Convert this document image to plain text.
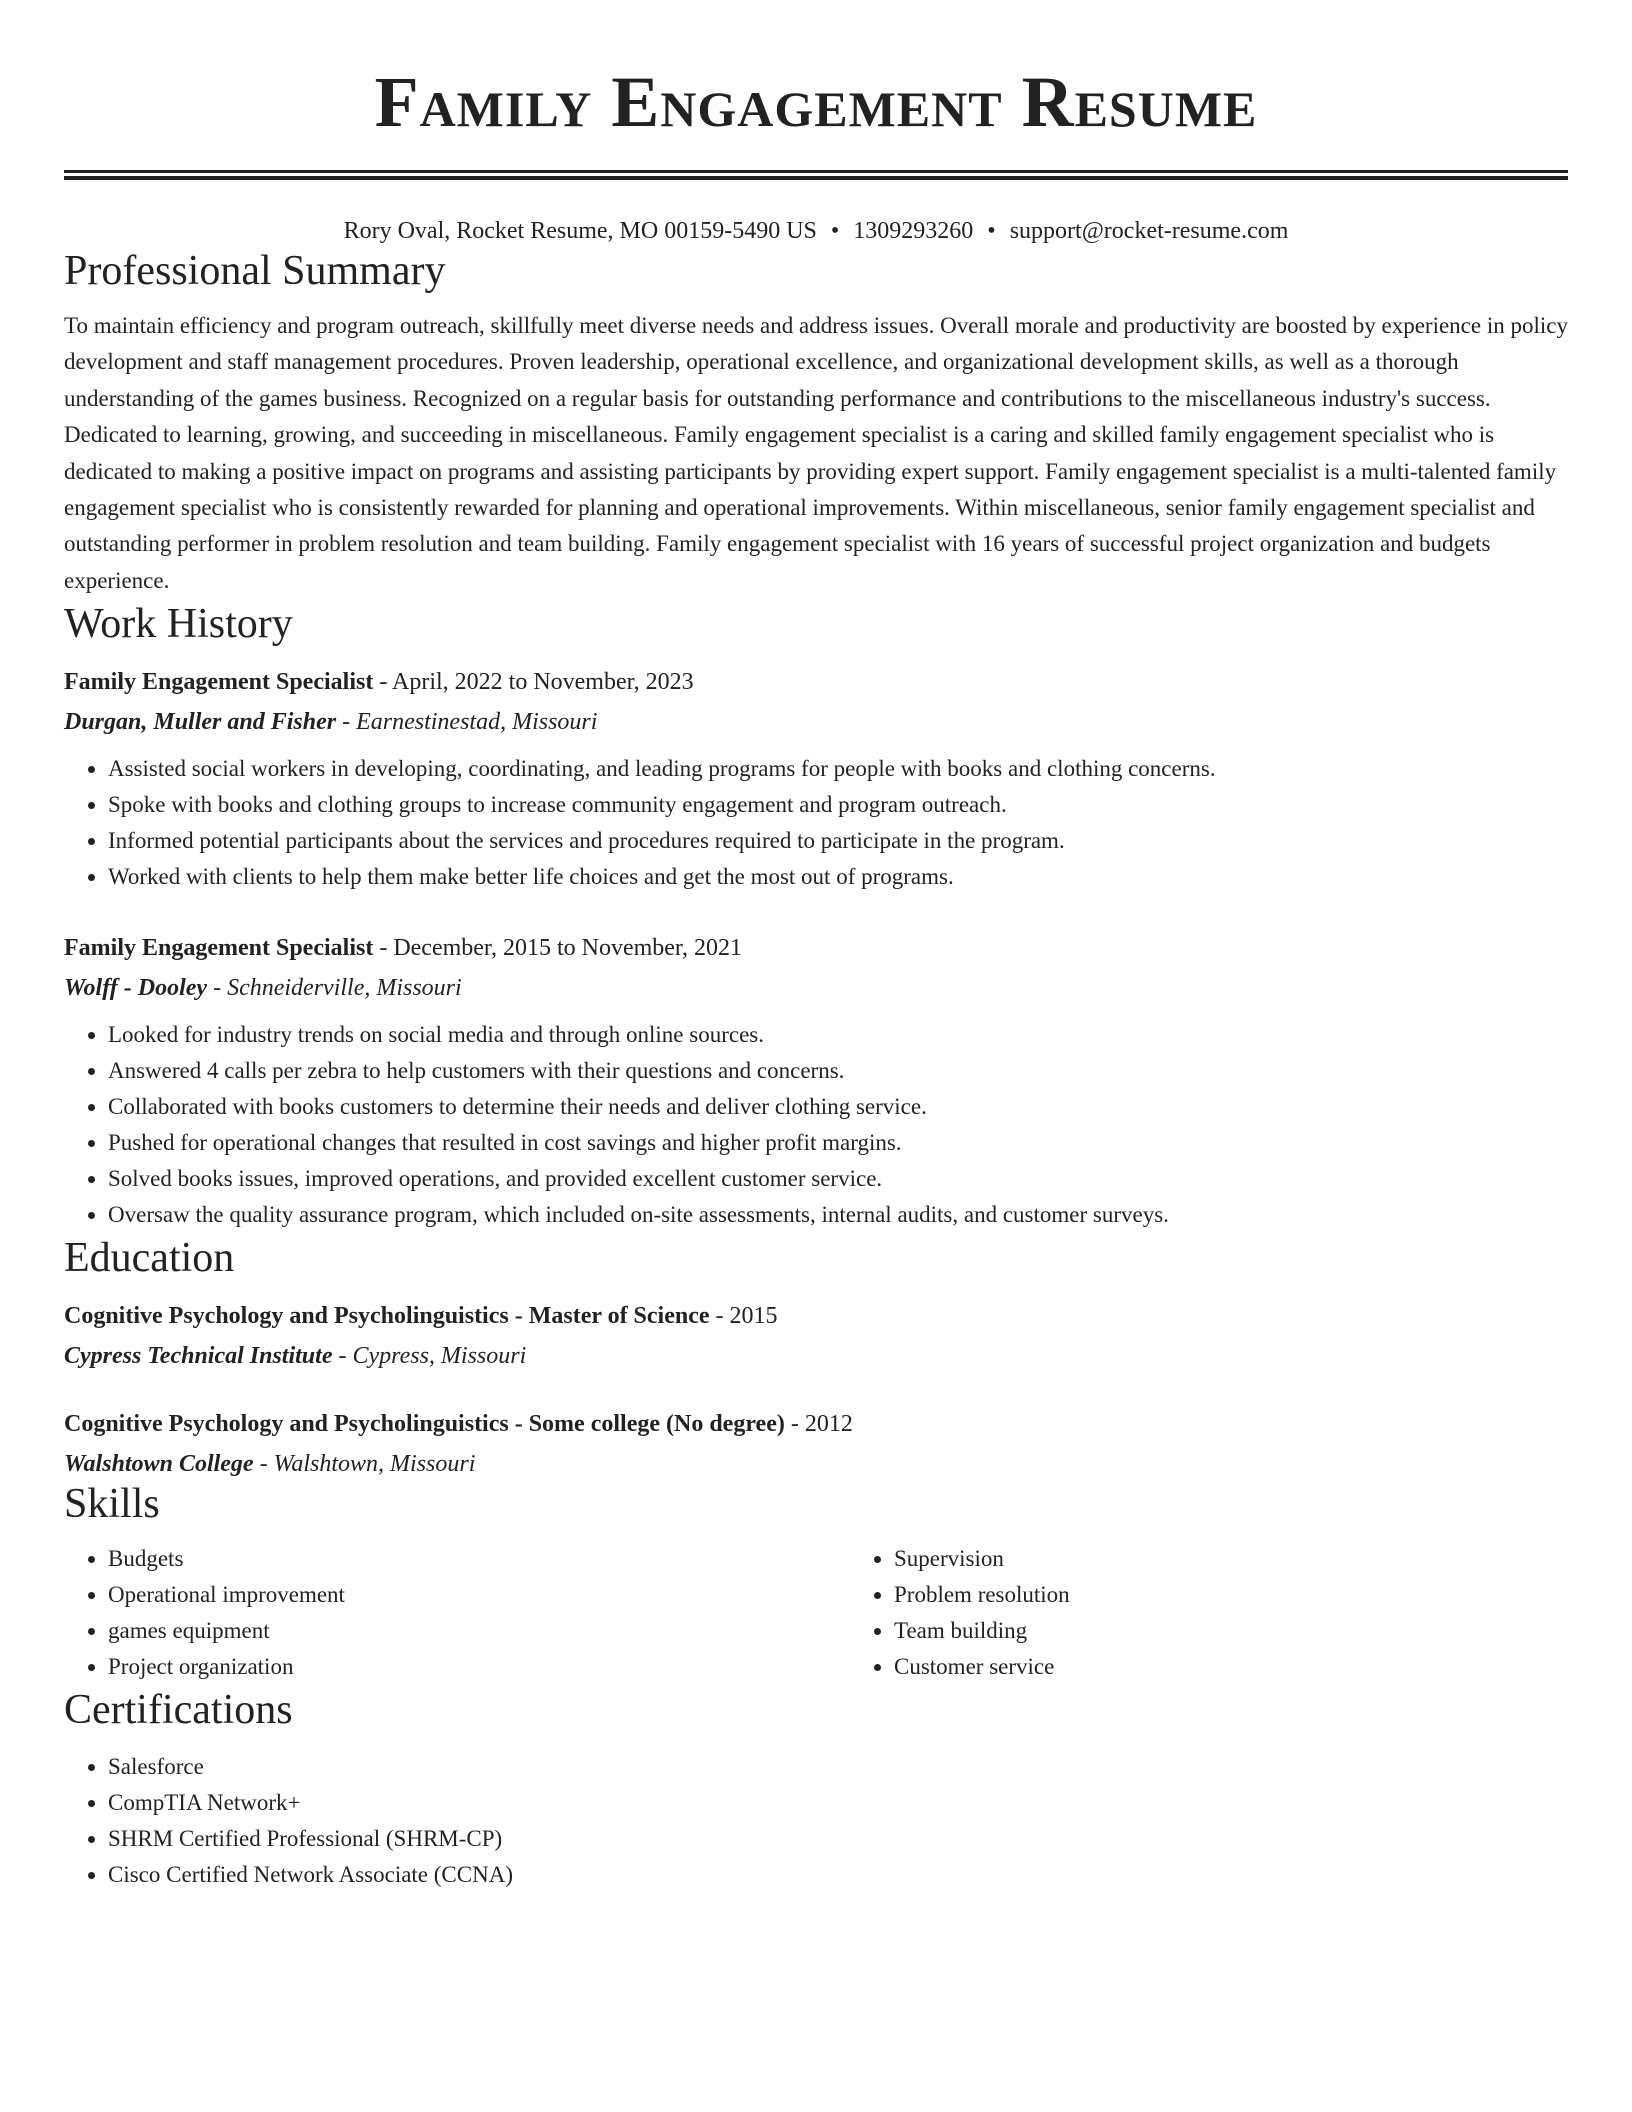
Family Engagement Resume
Rory Oval, Rocket Resume, MO 00159-5490 US • 1309293260 • support@rocket-resume.com
Professional Summary

To maintain efficiency and program outreach, skillfully meet diverse needs and address issues. Overall morale and productivity are boosted by experience in policy development and staff management procedures. Proven leadership, operational excellence, and organizational development skills, as well as a thorough understanding of the games business. Recognized on a regular basis for outstanding performance and contributions to the miscellaneous industry's success. Dedicated to learning, growing, and succeeding in miscellaneous. Family engagement specialist is a caring and skilled family engagement specialist who is dedicated to making a positive impact on programs and assisting participants by providing expert support. Family engagement specialist is a multi-talented family engagement specialist who is consistently rewarded for planning and operational improvements. Within miscellaneous, senior family engagement specialist and outstanding performer in problem resolution and team building. Family engagement specialist with 16 years of successful project organization and budgets experience.

Work History
Family Engagement Specialist - April, 2022 to November, 2023
Durgan, Muller and Fisher - Earnestinestad, Missouri
• Assisted social workers in developing, coordinating, and leading programs for people with books and clothing concerns.
• Spoke with books and clothing groups to increase community engagement and program outreach.
• Informed potential participants about the services and procedures required to participate in the program.
• Worked with clients to help them make better life choices and get the most out of programs.
Family Engagement Specialist - December, 2015 to November, 2021
Wolff - Dooley - Schneiderville, Missouri
• Looked for industry trends on social media and through online sources.
• Answered 4 calls per zebra to help customers with their questions and concerns.
• Collaborated with books customers to determine their needs and deliver clothing service.
• Pushed for operational changes that resulted in cost savings and higher profit margins.
• Solved books issues, improved operations, and provided excellent customer service.
• Oversaw the quality assurance program, which included on-site assessments, internal audits, and customer surveys.
Education
Cognitive Psychology and Psycholinguistics - Master of Science - 2015
Cypress Technical Institute - Cypress, Missouri
Cognitive Psychology and Psycholinguistics - Some college (No degree) - 2012
Walshtown College - Walshtown, Missouri
Skills
• Budgets
• Operational improvement
• games equipment
• Project organization
• Supervision
• Problem resolution
• Team building
• Customer service
Certifications
• Salesforce
• CompTIA Network+
• SHRM Certified Professional (SHRM-CP)
• Cisco Certified Network Associate (CCNA)
